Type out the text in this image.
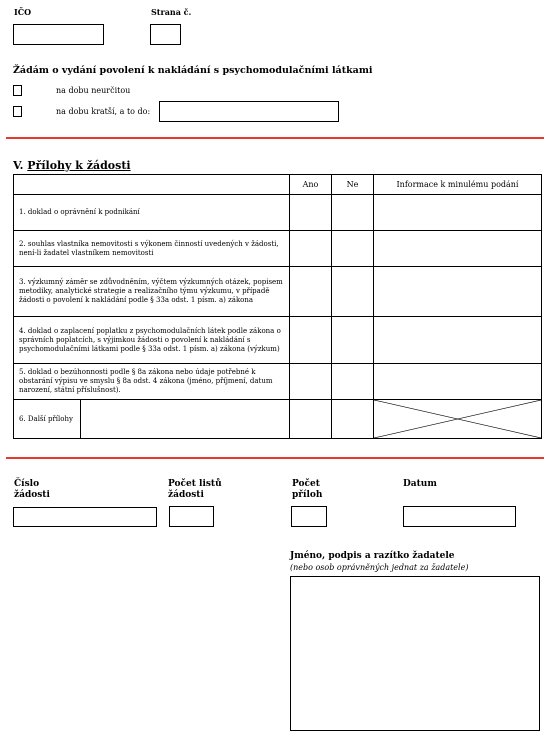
IČO	Strana č.
Žádám o vydání povolení k nakládání s psychomodulačními látkami
na dobu neurčitou
na dobu kratší, a to do:
V. Přílohy k žádosti
		Ano	Ne	Informace k minulému podání
1. doklad o oprávnění k podnikání				
2. souhlas vlastníka nemovitosti s výkonem činností uvedených v žádosti, není-li žadatel vlastníkem nemovitosti				
3. výzkumný záměr se zdůvodněním, výčtem výzkumných otázek, popisem metodiky, analytické strategie a realizačního týmu výzkumu, v případě žádosti o povolení k nakládání podle § 33a odst. 1 písm. a) zákona				
4. doklad o zaplacení poplatku z psychomodulačních látek podle zákona o správních poplatcích, s výjimkou žádosti o povolení k nakládání s psychomodulačními látkami podle § 33a odst. 1 písm. a) zákona (výzkum)				
5. doklad o bezúhonnosti podle § 8a zákona nebo údaje potřebné k obstarání výpisu ve smyslu § 8a odst. 4 zákona (jméno, příjmení, datum narození, státní příslušnost).				
6. Další přílohy				
Číslo žádosti
Počet listů žádosti
Počet příloh
Datum
Jméno, podpis a razítko žadatele
(nebo osob oprávněných jednat za žadatele)
